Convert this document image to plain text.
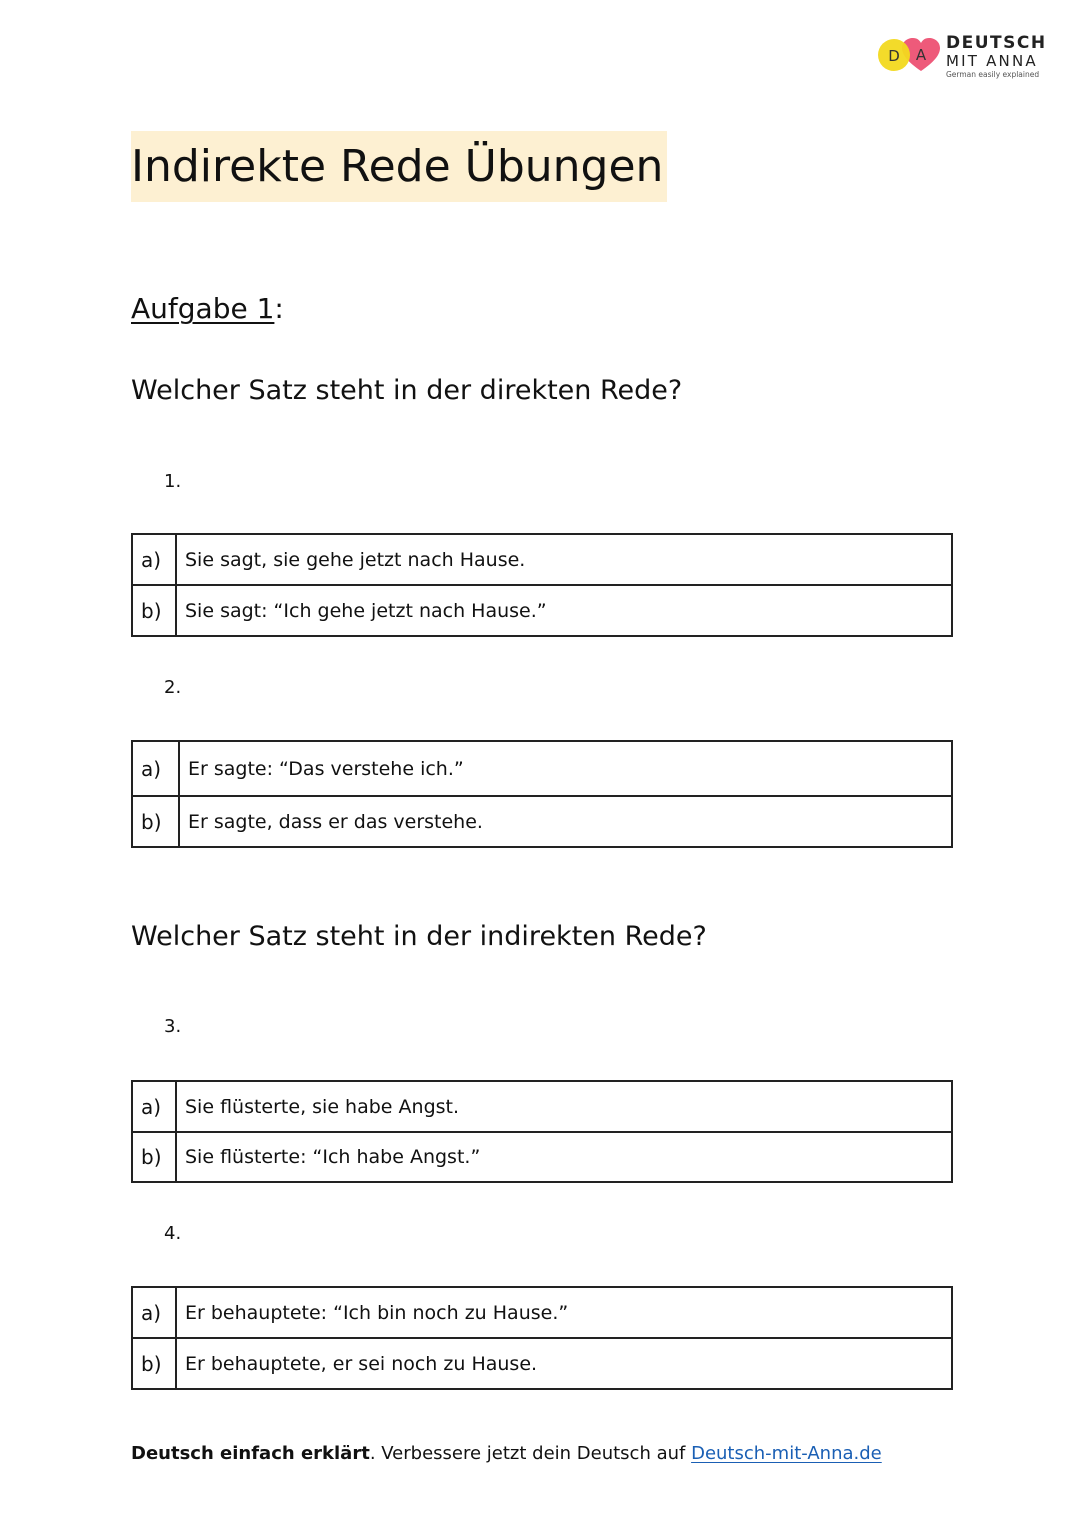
D A
DEUTSCH
MIT ANNA
German easily explained
Indirekte Rede Übungen
Aufgabe 1:
Welcher Satz steht in der direkten Rede?
1.
a)	Sie sagt, sie gehe jetzt nach Hause.
b)	Sie sagt: “Ich gehe jetzt nach Hause.”
2.
a)	Er sagte: “Das verstehe ich.”
b)	Er sagte, dass er das verstehe.
Welcher Satz steht in der indirekten Rede?
3.
a)	Sie flüsterte, sie habe Angst.
b)	Sie flüsterte: “Ich habe Angst.”
4.
a)	Er behauptete: “Ich bin noch zu Hause.”
b)	Er behauptete, er sei noch zu Hause.
Deutsch einfach erklärt. Verbessere jetzt dein Deutsch auf Deutsch-mit-Anna.de
